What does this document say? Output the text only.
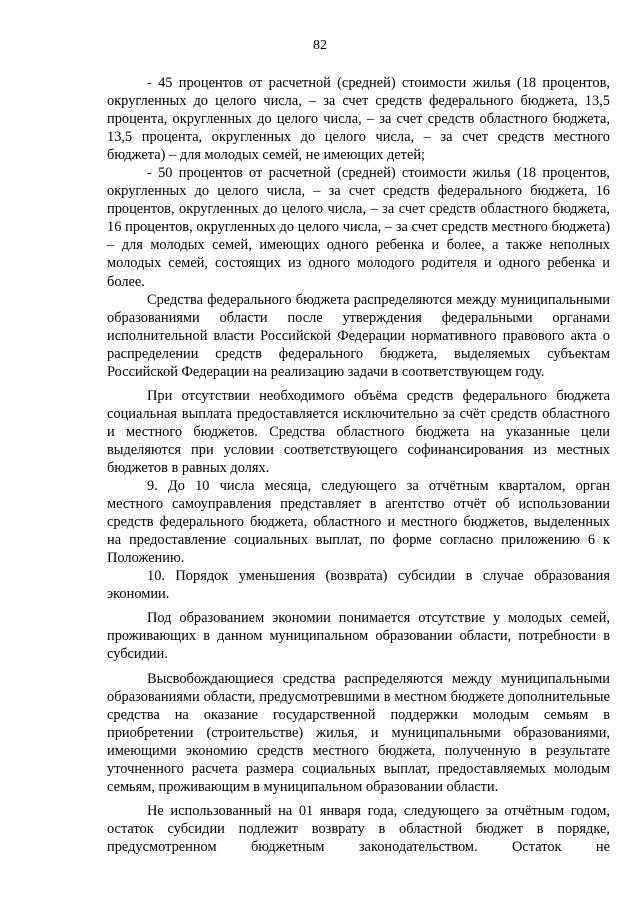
82

- 45 процентов от расчетной (средней) стоимости жилья (18 процентов, округленных до целого числа, – за счет средств федерального бюджета, 13,5 процента, округленных до целого числа, – за счет средств областного бюджета, 13,5 процента, округленных до целого числа, – за счет средств местного бюджета) – для молодых семей, не имеющих детей;

- 50 процентов от расчетной (средней) стоимости жилья (18 процентов, округленных до целого числа, – за счет средств федерального бюджета, 16 процентов, округленных до целого числа, – за счет средств областного бюджета, 16 процентов, округленных до целого числа, – за счет средств местного бюджета) – для молодых семей, имеющих одного ребенка и более, а также неполных молодых семей, состоящих из одного молодого родителя и одного ребенка и более.

Средства федерального бюджета распределяются между муниципальными образованиями области после утверждения федеральными органами исполнительной власти Российской Федерации нормативного правового акта о распределении средств федерального бюджета, выделяемых субъектам Российской Федерации на реализацию задачи в соответствующем году.

При отсутствии необходимого объёма средств федерального бюджета социальная выплата предоставляется исключительно за счёт средств областного и местного бюджетов. Средства областного бюджета на указанные цели выделяются при условии соответствующего софинансирования из местных бюджетов в равных долях.

9. До 10 числа месяца, следующего за отчётным кварталом, орган местного самоуправления представляет в агентство отчёт об использовании средств федерального бюджета, областного и местного бюджетов, выделенных на предоставление социальных выплат, по форме согласно приложению 6 к Положению.

10. Порядок уменьшения (возврата) субсидии в случае образования экономии.

Под образованием экономии понимается отсутствие у молодых семей, проживающих в данном муниципальном образовании области, потребности в субсидии.

Высвобождающиеся средства распределяются между муниципальными образованиями области, предусмотревшими в местном бюджете дополнительные средства на оказание государственной поддержки молодым семьям в приобретении (строительстве) жилья, и муниципальными образованиями, имеющими экономию средств местного бюджета, полученную в результате уточненного расчета размера социальных выплат, предоставляемых молодым семьям, проживающим в муниципальном образовании области.

Не использованный на 01 января года, следующего за отчётным годом, остаток субсидии подлежит возврату в областной бюджет в порядке, предусмотренном бюджетным законодательством. Остаток не
